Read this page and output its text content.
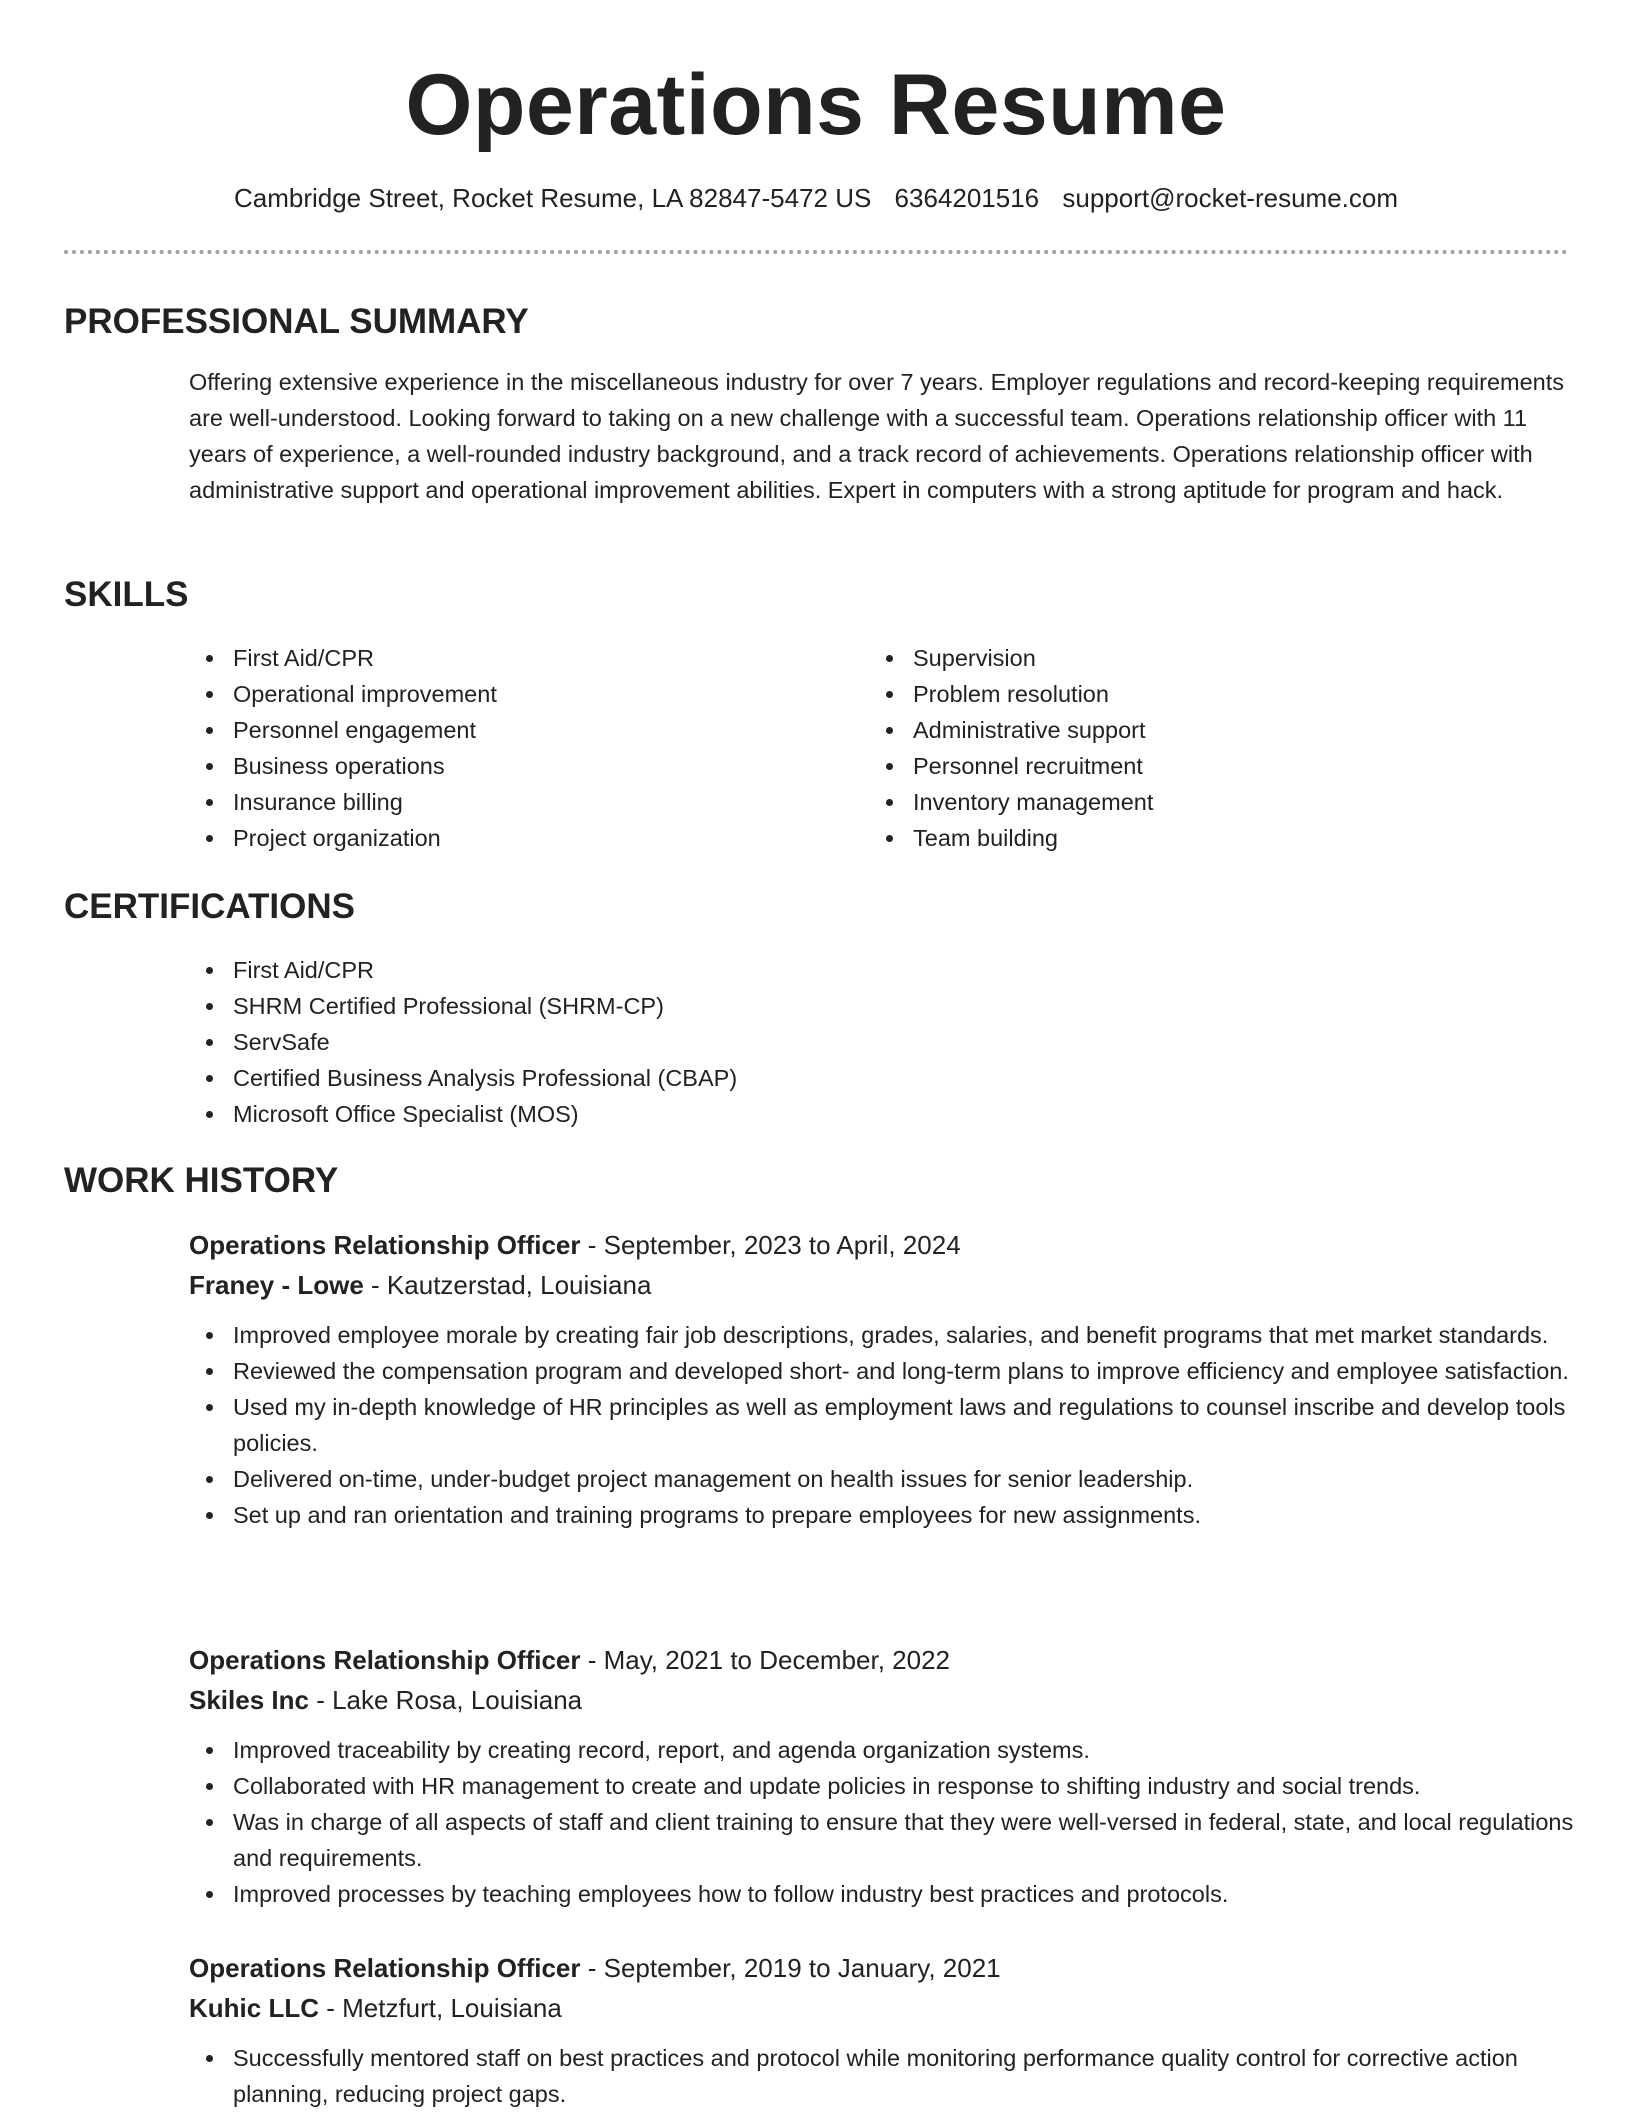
Operations Resume
Cambridge Street, Rocket Resume, LA 82847-5472 US 6364201516 support@rocket-resume.com
PROFESSIONAL SUMMARY
Offering extensive experience in the miscellaneous industry for over 7 years. Employer regulations and record-keeping requirements are well-understood. Looking forward to taking on a new challenge with a successful team. Operations relationship officer with 11 years of experience, a well-rounded industry background, and a track record of achievements. Operations relationship officer with administrative support and operational improvement abilities. Expert in computers with a strong aptitude for program and hack.
SKILLS
First Aid/CPR
Operational improvement
Personnel engagement
Business operations
Insurance billing
Project organization
Supervision
Problem resolution
Administrative support
Personnel recruitment
Inventory management
Team building
CERTIFICATIONS
First Aid/CPR
SHRM Certified Professional (SHRM-CP)
ServSafe
Certified Business Analysis Professional (CBAP)
Microsoft Office Specialist (MOS)
WORK HISTORY
Operations Relationship Officer - September, 2023 to April, 2024
Franey - Lowe - Kautzerstad, Louisiana
Improved employee morale by creating fair job descriptions, grades, salaries, and benefit programs that met market standards.
Reviewed the compensation program and developed short- and long-term plans to improve efficiency and employee satisfaction.
Used my in-depth knowledge of HR principles as well as employment laws and regulations to counsel inscribe and develop tools policies.
Delivered on-time, under-budget project management on health issues for senior leadership.
Set up and ran orientation and training programs to prepare employees for new assignments.
Operations Relationship Officer - May, 2021 to December, 2022
Skiles Inc - Lake Rosa, Louisiana
Improved traceability by creating record, report, and agenda organization systems.
Collaborated with HR management to create and update policies in response to shifting industry and social trends.
Was in charge of all aspects of staff and client training to ensure that they were well-versed in federal, state, and local regulations and requirements.
Improved processes by teaching employees how to follow industry best practices and protocols.
Operations Relationship Officer - September, 2019 to January, 2021
Kuhic LLC - Metzfurt, Louisiana
Successfully mentored staff on best practices and protocol while monitoring performance quality control for corrective action planning, reducing project gaps.
